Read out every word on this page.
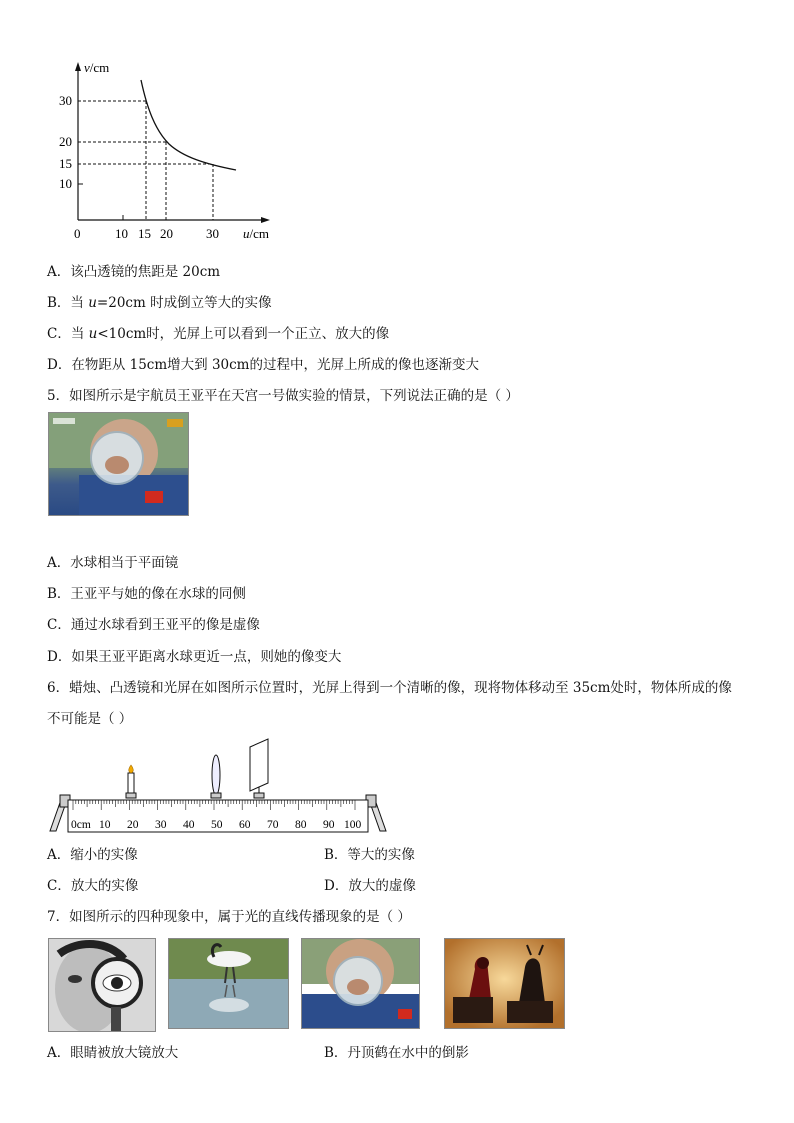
v/cm
u/cm
30
20
15
10
0	10 15 20	30
A．该凸透镜的焦距是 20cm
B．当 u=20cm 时成倒立等大的实像
C．当 u<10cm时，光屏上可以看到一个正立、放大的像
D．在物距从 15cm增大到 30cm的过程中，光屏上所成的像也逐渐变大
5．如图所示是宇航员王亚平在天宫一号做实验的情景，下列说法正确的是（ ）
A．水球相当于平面镜
B．王亚平与她的像在水球的同侧
C．通过水球看到王亚平的像是虚像
D．如果王亚平距离水球更近一点，则她的像变大
6．蜡烛、凸透镜和光屏在如图所示位置时，光屏上得到一个清晰的像，现将物体移动至 35cm处时，物体所成的像
不可能是（ ）
0cm 10 20 30 40 50 60 70 80 90 100
A．缩小的实像	B．等大的实像
C．放大的实像	D．放大的虚像
7．如图所示的四种现象中，属于光的直线传播现象的是（ ）
A．眼睛被放大镜放大	B．丹顶鹤在水中的倒影
